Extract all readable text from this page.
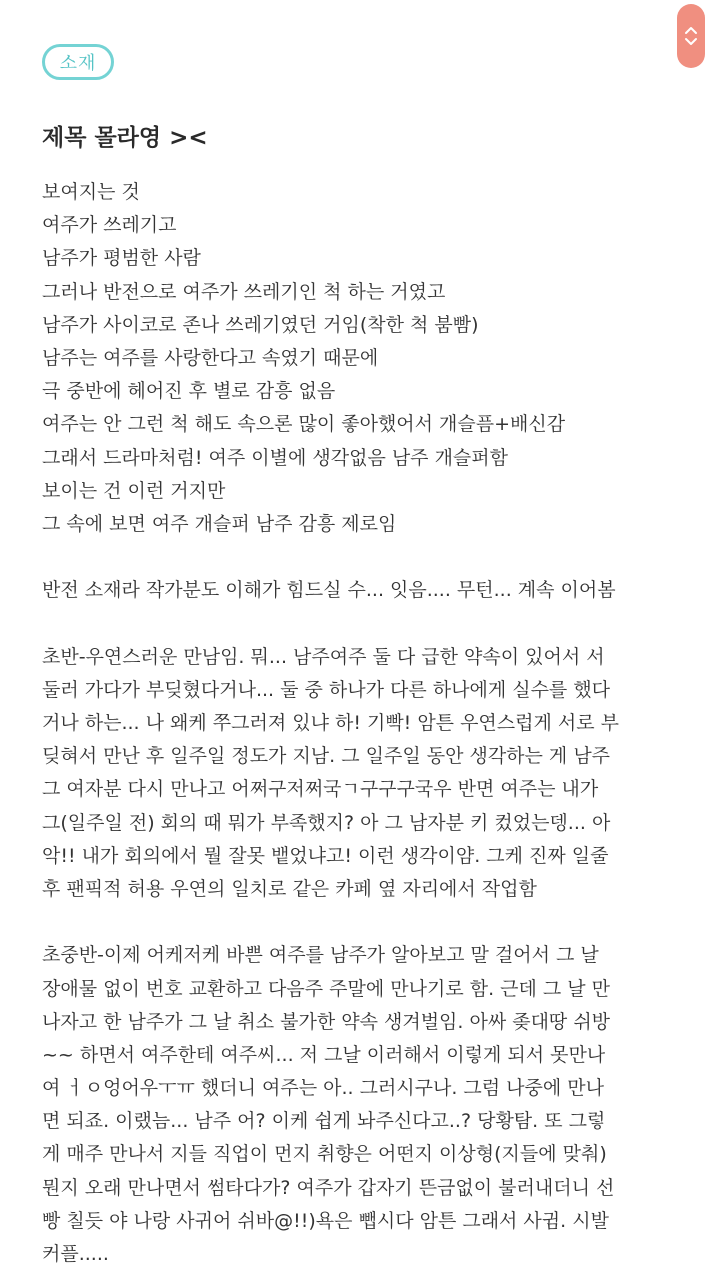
소재
제목 몰라영 ><
보여지는 것
여주가 쓰레기고
남주가 평범한 사람
그러나 반전으로 여주가 쓰레기인 척 하는 거였고
남주가 사이코로 존나 쓰레기였던 거임(착한 척 붐빰)
남주는 여주를 사랑한다고 속였기 때문에
극 중반에 헤어진 후 별로 감흥 없음
여주는 안 그런 척 해도 속으론 많이 좋아했어서 개슬픔+배신감
그래서 드라마처럼! 여주 이별에 생각없음 남주 개슬퍼함
보이는 건 이런 거지만
그 속에 보면 여주 개슬퍼 남주 감흥 제로임
반전 소재라 작가분도 이해가 힘드실 수... 잇음.... 무턴... 계속 이어봄
초반-우연스러운 만남임. 뭐... 남주여주 둘 다 급한 약속이 있어서 서
둘러 가다가 부딪혔다거나... 둘 중 하나가 다른 하나에게 실수를 했다
거나 하는... 나 왜케 쭈그러져 있냐 하! 기빡! 암튼 우연스럽게 서로 부
딪혀서 만난 후 일주일 정도가 지남. 그 일주일 동안 생각하는 게 남주
그 여자분 다시 만나고 어쩌구저쩌국ㄱ구구구국우 반면 여주는 내가
그(일주일 전) 회의 때 뭐가 부족했지? 아 그 남자분 키 컸었는뎅... 아
악!! 내가 회의에서 뭘 잘못 뱉었냐고! 이런 생각이얌. 그케 진짜 일줄
후 팬픽적 허용 우연의 일치로 같은 카페 옆 자리에서 작업함
초중반-이제 어케저케 바쁜 여주를 남주가 알아보고 말 걸어서 그 날
장애물 없이 번호 교환하고 다음주 주말에 만나기로 함. 근데 그 날 만
나자고 한 남주가 그 날 취소 불가한 약속 생겨벌임. 아싸 좆대땅 쉬방
~~ 하면서 여주한테 여주씨... 저 그날 이러해서 이렇게 되서 못만나
여 ㅓㅇ엉어우ㅜㅠ 했더니 여주는 아.. 그러시구나. 그럼 나중에 만나
면 되죠. 이랬늠... 남주 어? 이케 쉽게 놔주신다고..? 당황탐. 또 그렇
게 매주 만나서 지들 직업이 먼지 취향은 어떤지 이상형(지들에 맞춰)
뭔지 오래 만나면서 썸타다가? 여주가 갑자기 뜬금없이 불러내더니 선
빵 칠듯 야 나랑 사귀어 쉬바@!!)욕은 뺍시다 암튼 그래서 사귐. 시발
커플.....
